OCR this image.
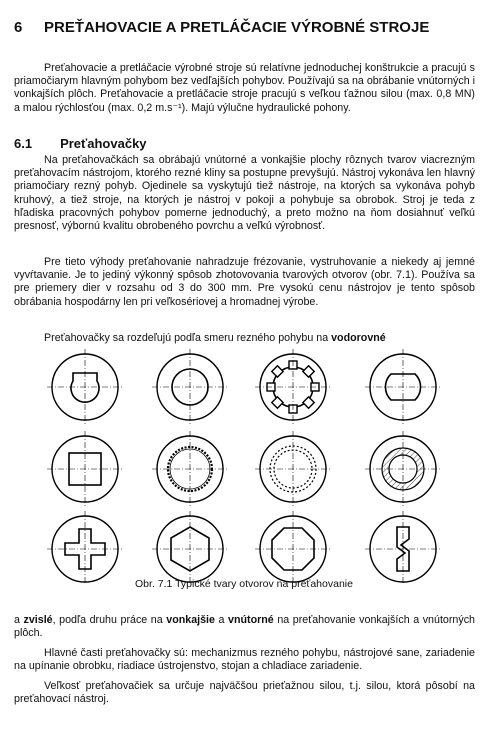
6 PREŤAHOVACIE A PRETLÁČACIE VÝROBNÉ STROJE

Preťahovacie a pretláčacie výrobné stroje sú relatívne jednoduchej konštrukcie a pracujú s priamočiarym hlavným pohybom bez vedľajších pohybov. Používajú sa na obrábanie vnútorných i vonkajších plôch. Preťahovacie a pretláčacie stroje pracujú s veľkou ťažnou silou (max. 0,8 MN) a malou rýchlosťou (max. 0,2 m.s⁻¹). Majú výlučne hydraulické pohony.

6.1 Preťahovačky

Na preťahovačkách sa obrábajú vnútorné a vonkajšie plochy rôznych tvarov viacrezným preťahovacím nástrojom, ktorého rezné kliny sa postupne prevyšujú. Nástroj vykonáva len hlavný priamočiary rezný pohyb. Ojedinele sa vyskytujú tiež nástroje, na ktorých sa vykonáva pohyb kruhový, a tiež stroje, na ktorých je nástroj v pokoji a pohybuje sa obrobok. Stroj je teda z hľadiska pracovných pohybov pomerne jednoduchý, a preto možno na ňom dosiahnuť veľkú presnosť, výbornú kvalitu obrobeného povrchu a veľkú výrobnosť.

Pre tieto výhody preťahovanie nahradzuje frézovanie, vystruhovanie a niekedy aj jemné vyvŕtavanie. Je to jediný výkonný spôsob zhotovovania tvarových otvorov (obr. 7.1). Používa sa pre priemery dier v rozsahu od 3 do 300 mm. Pre vysokú cenu nástrojov je tento spôsob obrábania hospodárny len pri veľkosériovej a hromadnej výrobe.

Preťahovačky sa rozdeľujú podľa smeru rezného pohybu na vodorovné

Obr. 7.1 Typické tvary otvorov na preťahovanie

a zvislé, podľa druhu práce na vonkajšie a vnútorné na preťahovanie vonkajších a vnútorných plôch.

Hlavné časti preťahovačky sú: mechanizmus rezného pohybu, nástrojové sane, zariadenie na upínanie obrobku, riadiace ústrojenstvo, stojan a chladiace zariadenie.

Veľkosť preťahovačiek sa určuje najväčšou prieťažnou silou, t.j. silou, ktorá pôsobí na preťahovací nástroj.
